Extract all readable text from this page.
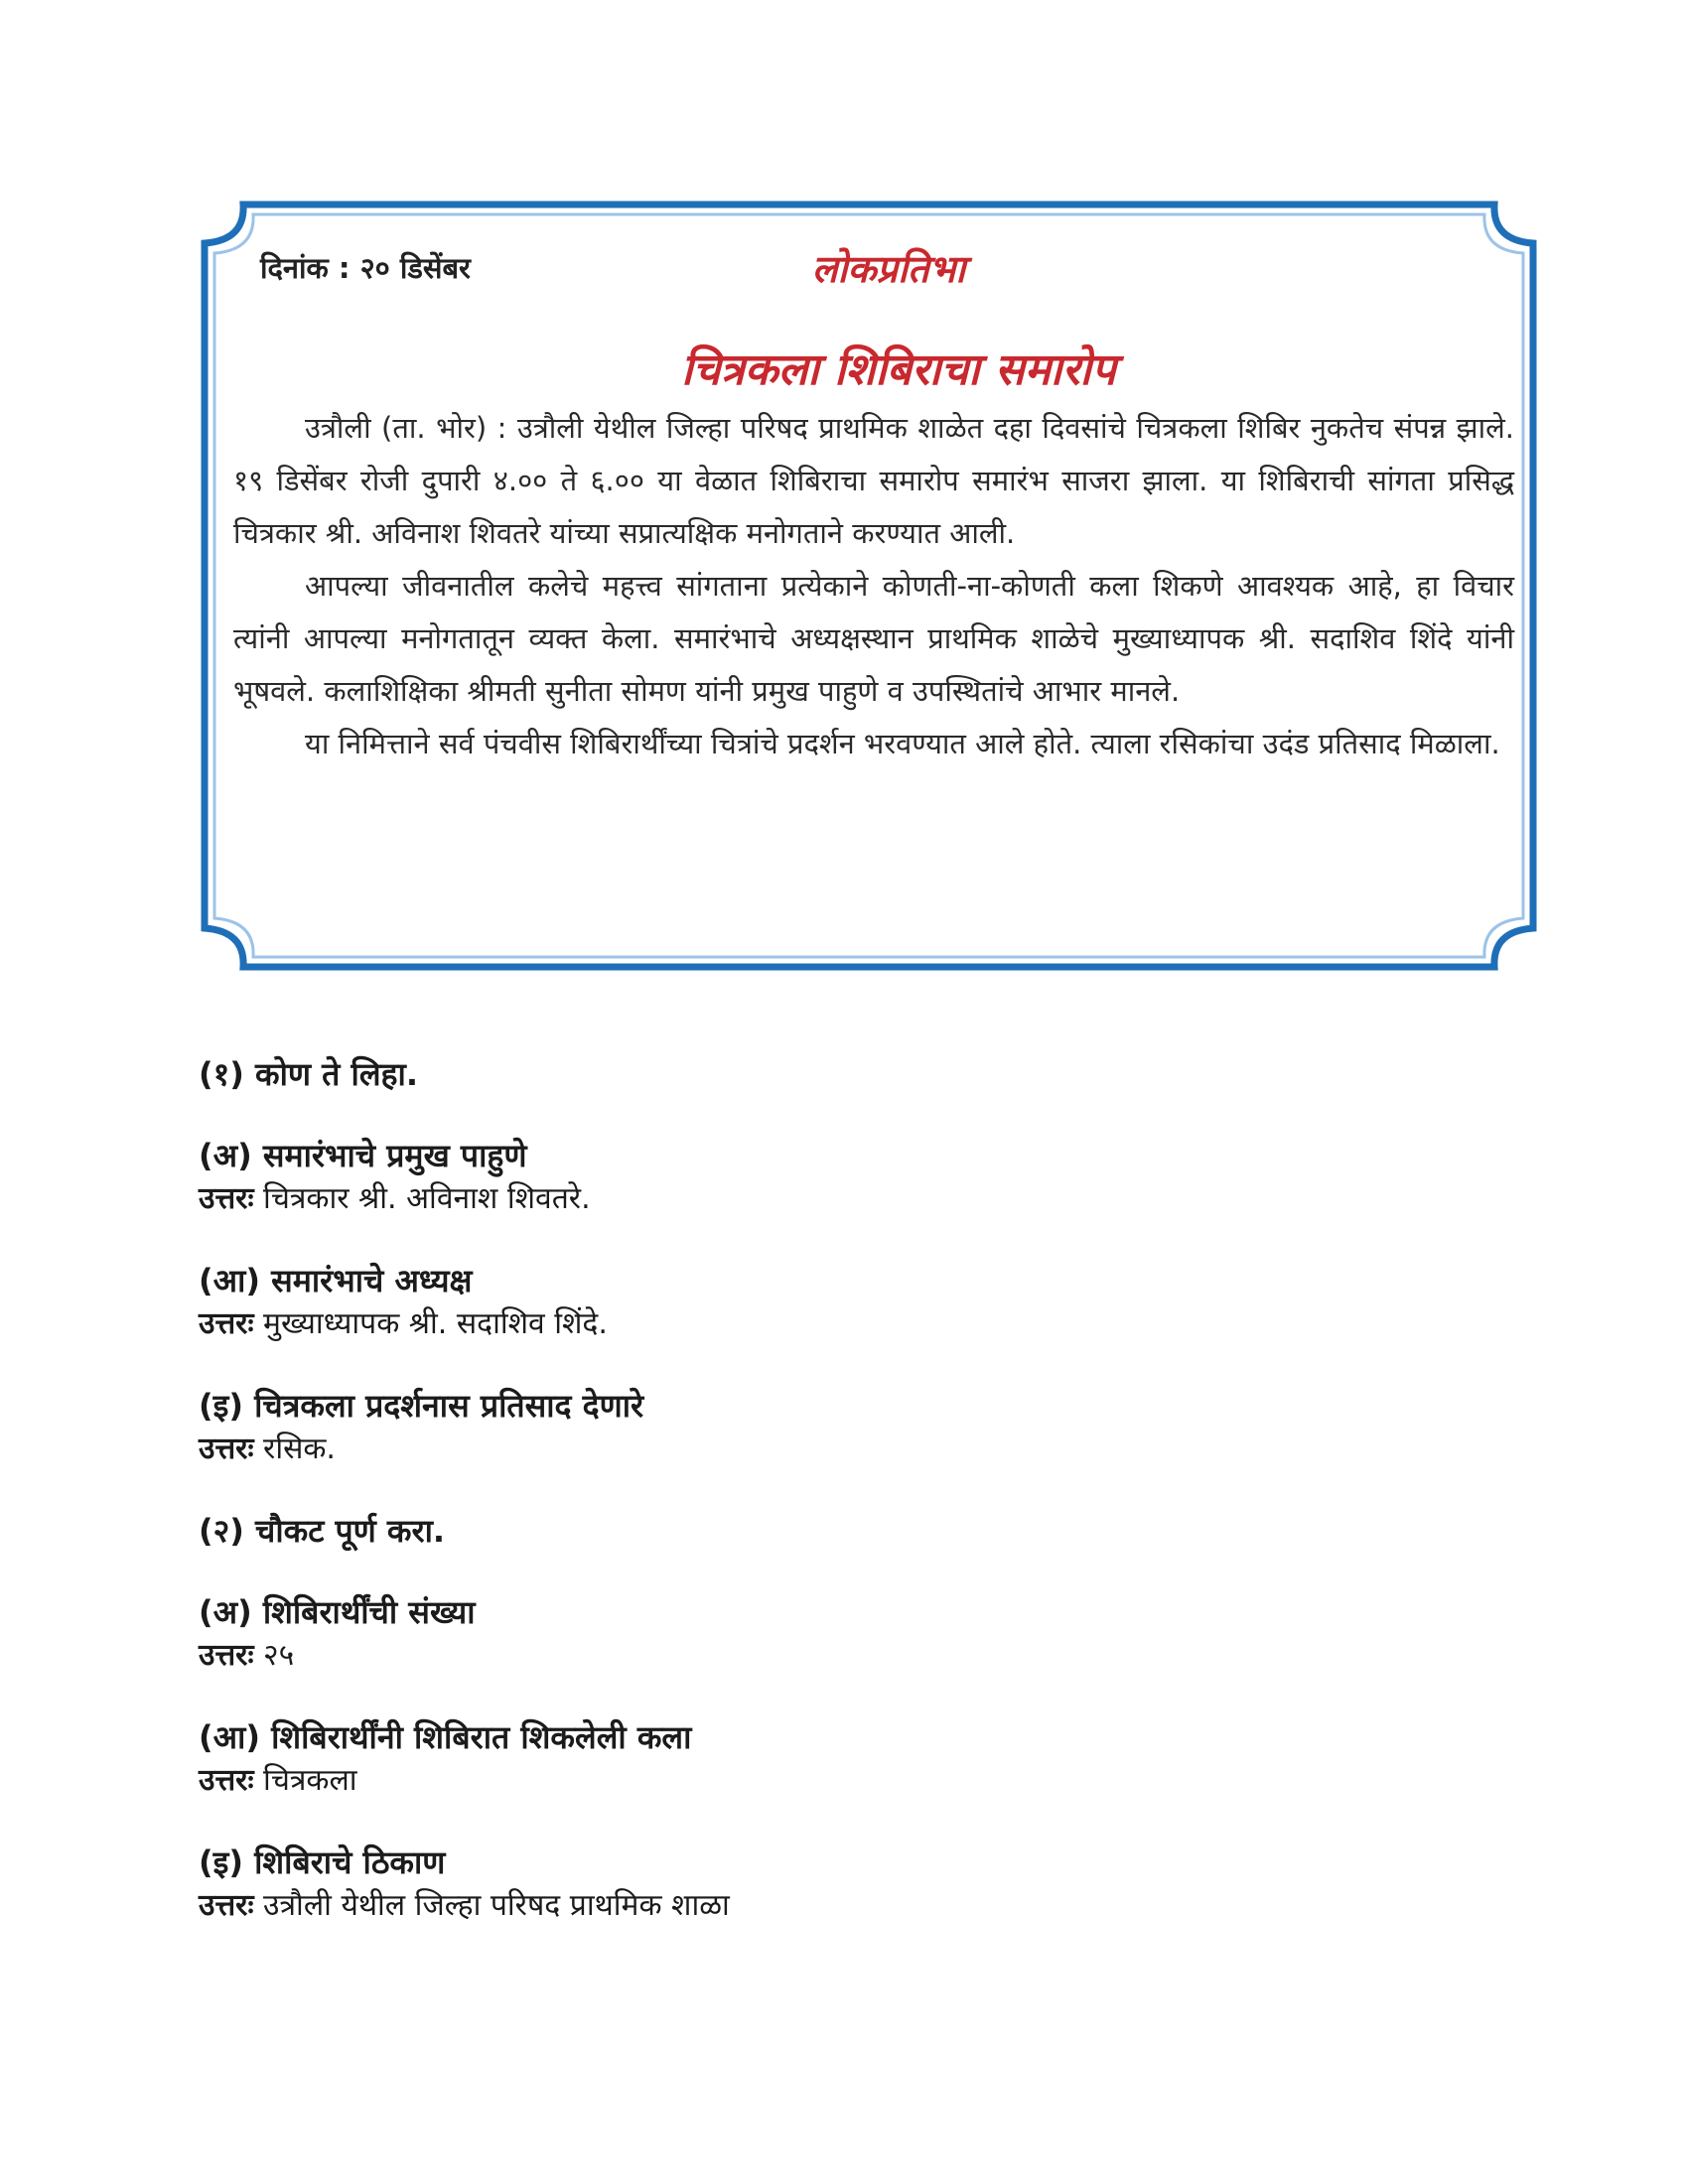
दिनांक : २० डिसेंबर	लोकप्रतिभा
चित्रकला शिबिराचा समारोप

उत्रौली (ता. भोर) : उत्रौली येथील जिल्हा परिषद प्राथमिक शाळेत दहा दिवसांचे चित्रकला शिबिर नुकतेच संपन्न झाले. १९ डिसेंबर रोजी दुपारी ४.०० ते ६.०० या वेळात शिबिराचा समारोप समारंभ साजरा झाला. या शिबिराची सांगता प्रसिद्ध चित्रकार श्री. अविनाश शिवतरे यांच्या सप्रात्यक्षिक मनोगताने करण्यात आली.

आपल्या जीवनातील कलेचे महत्त्व सांगताना प्रत्येकाने कोणती-ना-कोणती कला शिकणे आवश्यक आहे, हा विचार त्यांनी आपल्या मनोगतातून व्यक्त केला. समारंभाचे अध्यक्षस्थान प्राथमिक शाळेचे मुख्याध्यापक श्री. सदाशिव शिंदे यांनी भूषवले. कलाशिक्षिका श्रीमती सुनीता सोमण यांनी प्रमुख पाहुणे व उपस्थितांचे आभार मानले.

या निमित्ताने सर्व पंचवीस शिबिरार्थींच्या चित्रांचे प्रदर्शन भरवण्यात आले होते. त्याला रसिकांचा उदंड प्रतिसाद मिळाला.

(१) कोण ते लिहा.

(अ) समारंभाचे प्रमुख पाहुणे

उत्तरः चित्रकार श्री. अविनाश शिवतरे.

(आ) समारंभाचे अध्यक्ष

उत्तरः मुख्याध्यापक श्री. सदाशिव शिंदे.

(इ) चित्रकला प्रदर्शनास प्रतिसाद देणारे

उत्तरः रसिक.

(२) चौकट पूर्ण करा.

(अ) शिबिरार्थींची संख्या

उत्तरः २५

(आ) शिबिरार्थींनी शिबिरात शिकलेली कला

उत्तरः चित्रकला

(इ) शिबिराचे ठिकाण

उत्तरः उत्रौली येथील जिल्हा परिषद प्राथमिक शाळा
